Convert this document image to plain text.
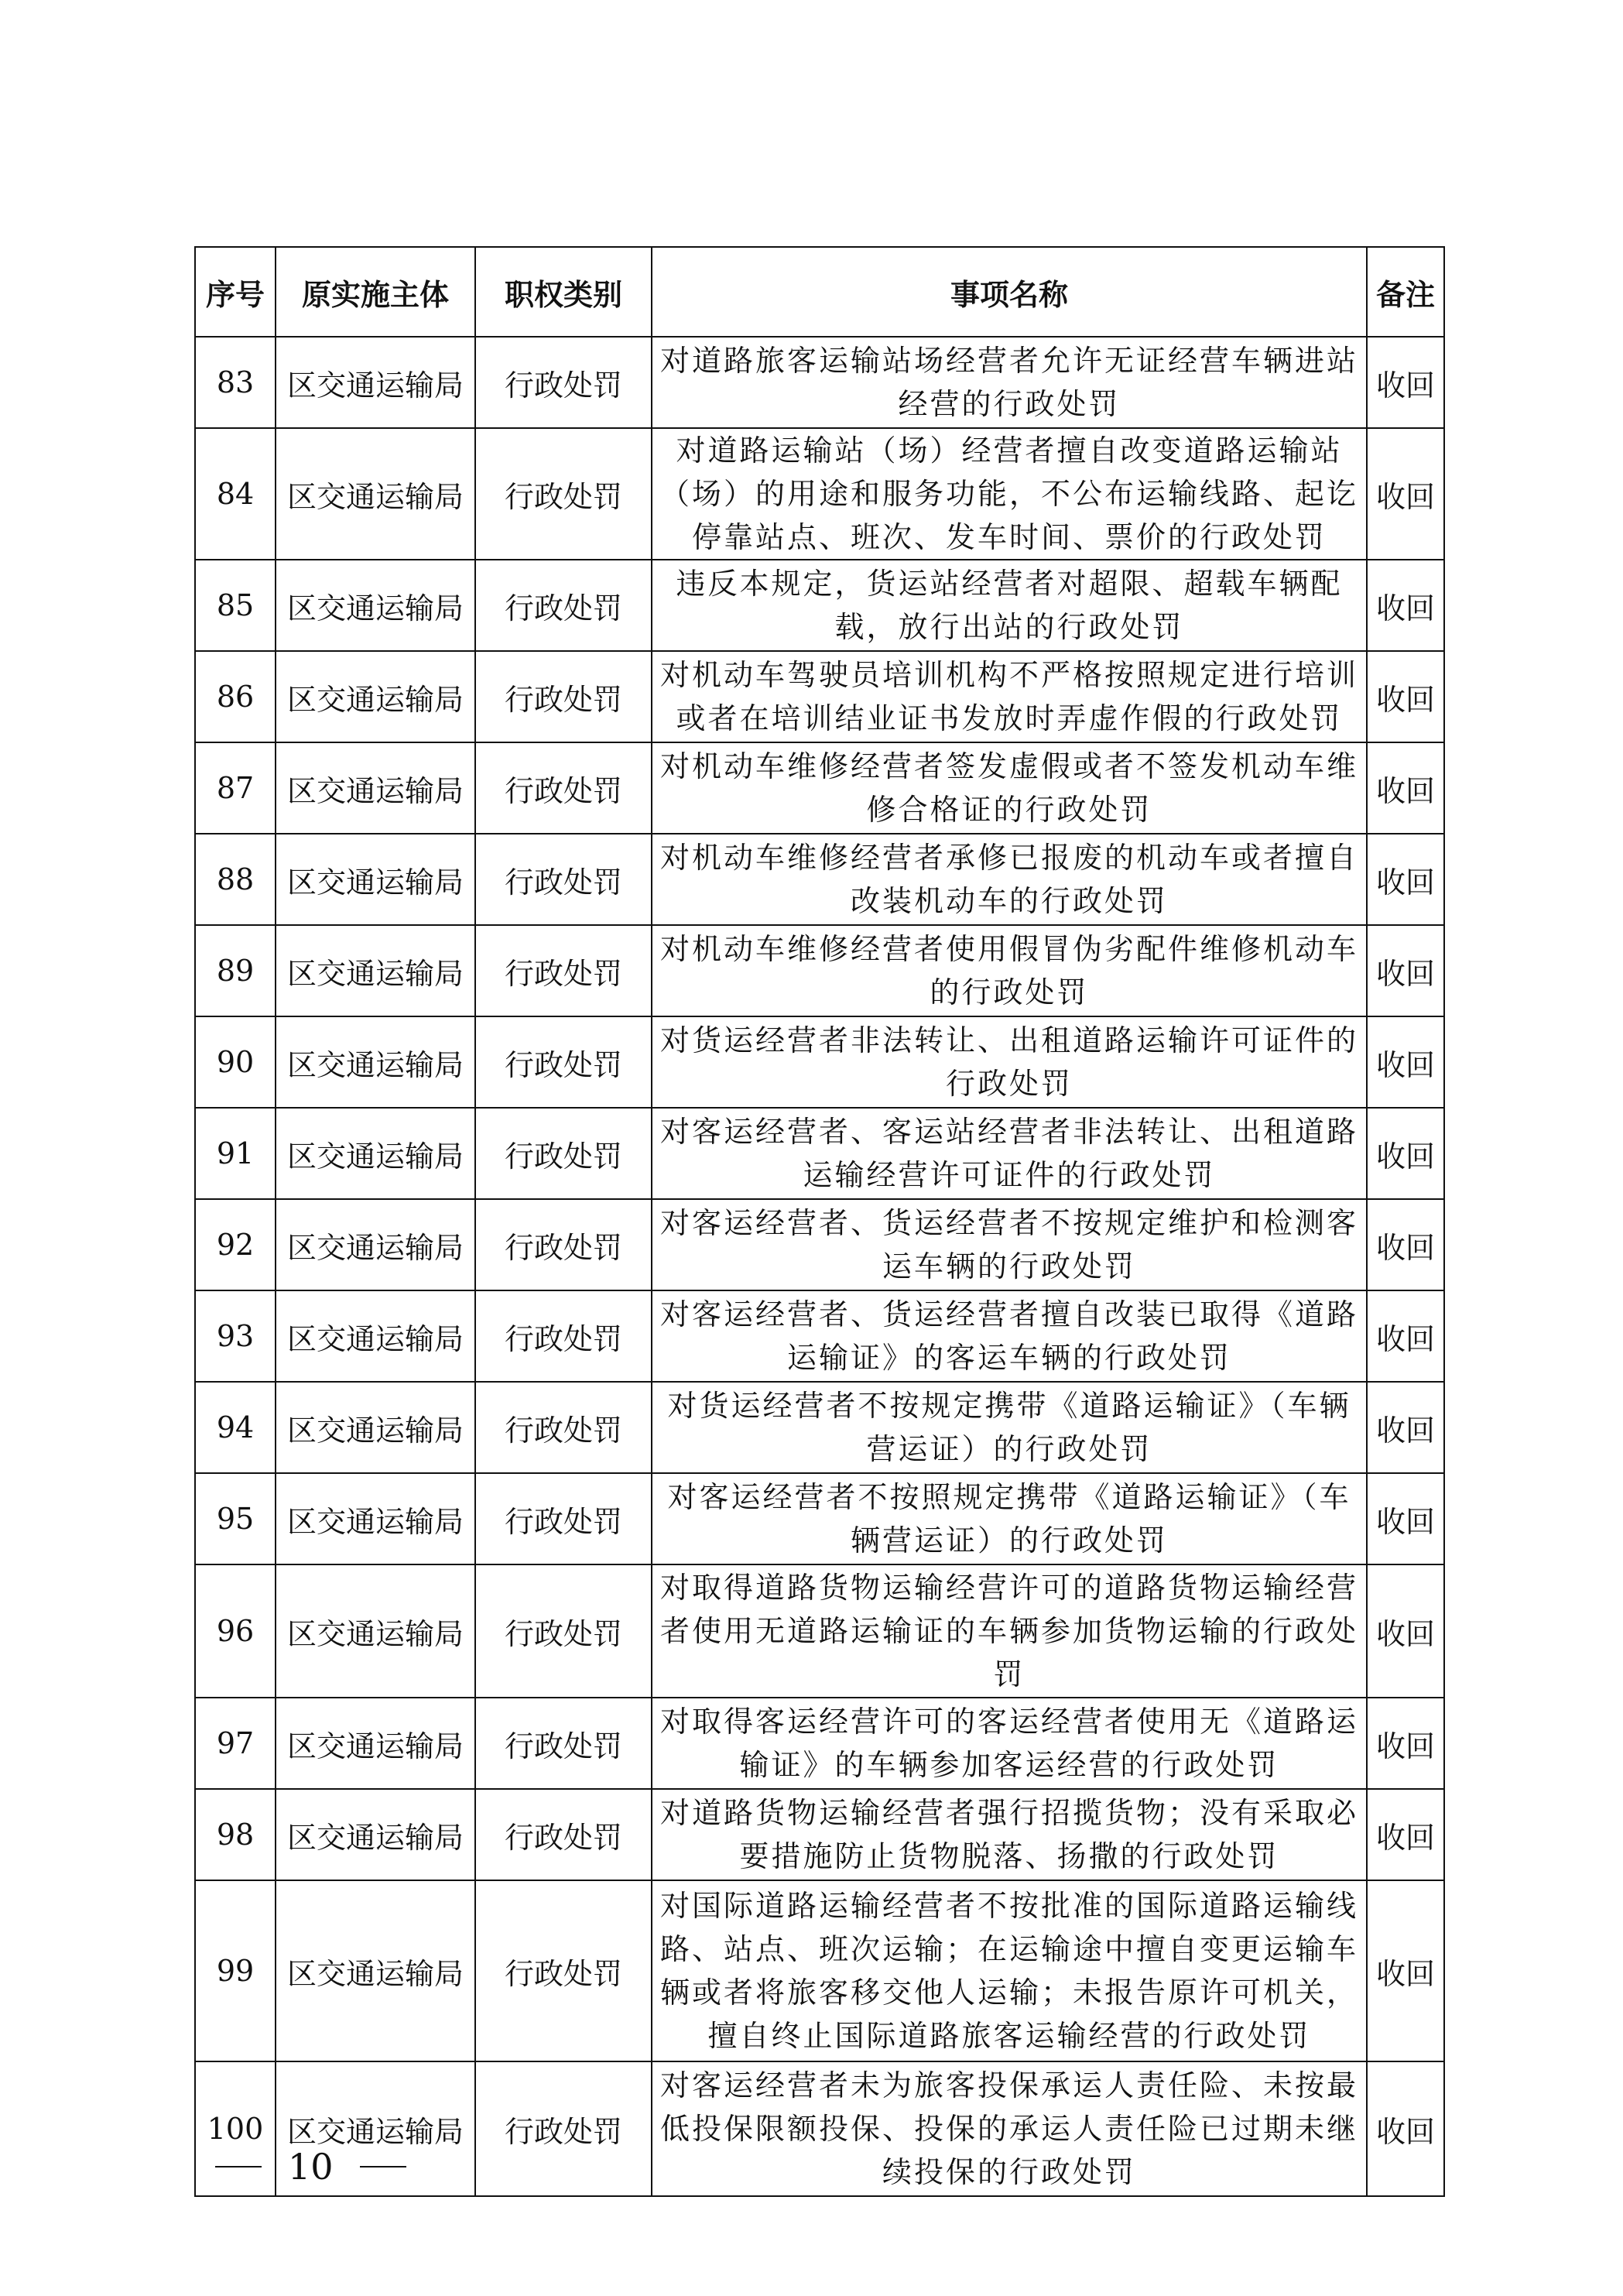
序号	原实施主体	职权类别	事项名称	备注
83	区交通运输局	行政处罚	对道路旅客运输站场经营者允许无证经营车辆进站经营的行政处罚	收回
84	区交通运输局	行政处罚	对道路运输站（场）经营者擅自改变道路运输站（场）的用途和服务功能，不公布运输线路、起讫停靠站点、班次、发车时间、票价的行政处罚	收回
85	区交通运输局	行政处罚	违反本规定，货运站经营者对超限、超载车辆配载，放行出站的行政处罚	收回
86	区交通运输局	行政处罚	对机动车驾驶员培训机构不严格按照规定进行培训或者在培训结业证书发放时弄虚作假的行政处罚	收回
87	区交通运输局	行政处罚	对机动车维修经营者签发虚假或者不签发机动车维修合格证的行政处罚	收回
88	区交通运输局	行政处罚	对机动车维修经营者承修已报废的机动车或者擅自改装机动车的行政处罚	收回
89	区交通运输局	行政处罚	对机动车维修经营者使用假冒伪劣配件维修机动车的行政处罚	收回
90	区交通运输局	行政处罚	对货运经营者非法转让、出租道路运输许可证件的行政处罚	收回
91	区交通运输局	行政处罚	对客运经营者、客运站经营者非法转让、出租道路运输经营许可证件的行政处罚	收回
92	区交通运输局	行政处罚	对客运经营者、货运经营者不按规定维护和检测客运车辆的行政处罚	收回
93	区交通运输局	行政处罚	对客运经营者、货运经营者擅自改装已取得《道路运输证》的客运车辆的行政处罚	收回
94	区交通运输局	行政处罚	对货运经营者不按规定携带《道路运输证》（车辆营运证）的行政处罚	收回
95	区交通运输局	行政处罚	对客运经营者不按照规定携带《道路运输证》（车辆营运证）的行政处罚	收回
96	区交通运输局	行政处罚	对取得道路货物运输经营许可的道路货物运输经营者使用无道路运输证的车辆参加货物运输的行政处罚	收回
97	区交通运输局	行政处罚	对取得客运经营许可的客运经营者使用无《道路运输证》的车辆参加客运经营的行政处罚	收回
98	区交通运输局	行政处罚	对道路货物运输经营者强行招揽货物；没有采取必要措施防止货物脱落、扬撒的行政处罚	收回
99	区交通运输局	行政处罚	对国际道路运输经营者不按批准的国际道路运输线路、站点、班次运输；在运输途中擅自变更运输车辆或者将旅客移交他人运输；未报告原许可机关，擅自终止国际道路旅客运输经营的行政处罚	收回
100	区交通运输局	行政处罚	对客运经营者未为旅客投保承运人责任险、未按最低投保限额投保、投保的承运人责任险已过期未继续投保的行政处罚	收回
10
